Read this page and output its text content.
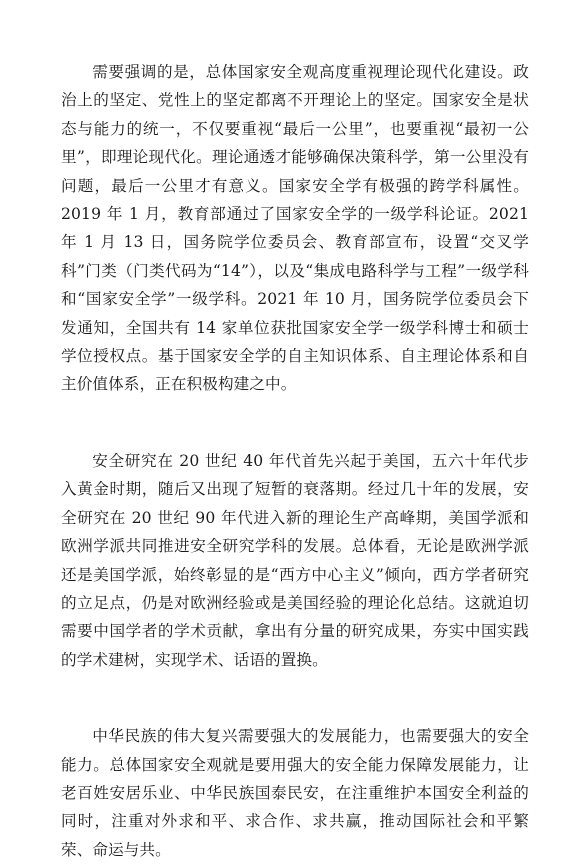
需要强调的是，总体国家安全观高度重视理论现代化建设。政治上的坚定、党性上的坚定都离不开理论上的坚定。国家安全是状态与能力的统一，不仅要重视“最后一公里”，也要重视“最初一公里”，即理论现代化。理论通透才能够确保决策科学，第一公里没有问题，最后一公里才有意义。国家安全学有极强的跨学科属性。2019 年 1 月，教育部通过了国家安全学的一级学科论证。2021 年 1 月 13 日，国务院学位委员会、教育部宣布，设置“交叉学科”门类（门类代码为“14”），以及“集成电路科学与工程”一级学科和“国家安全学”一级学科。2021 年 10 月，国务院学位委员会下发通知，全国共有 14 家单位获批国家安全学一级学科博士和硕士学位授权点。基于国家安全学的自主知识体系、自主理论体系和自主价值体系，正在积极构建之中。

安全研究在 20 世纪 40 年代首先兴起于美国，五六十年代步入黄金时期，随后又出现了短暂的衰落期。经过几十年的发展，安全研究在 20 世纪 90 年代进入新的理论生产高峰期，美国学派和欧洲学派共同推进安全研究学科的发展。总体看，无论是欧洲学派还是美国学派，始终彰显的是“西方中心主义”倾向，西方学者研究的立足点，仍是对欧洲经验或是美国经验的理论化总结。这就迫切需要中国学者的学术贡献，拿出有分量的研究成果，夯实中国实践的学术建树，实现学术、话语的置换。

中华民族的伟大复兴需要强大的发展能力，也需要强大的安全能力。总体国家安全观就是要用强大的安全能力保障发展能力，让老百姓安居乐业、中华民族国泰民安，在注重维护本国安全利益的同时，注重对外求和平、求合作、求共赢，推动国际社会和平繁荣、命运与共。
